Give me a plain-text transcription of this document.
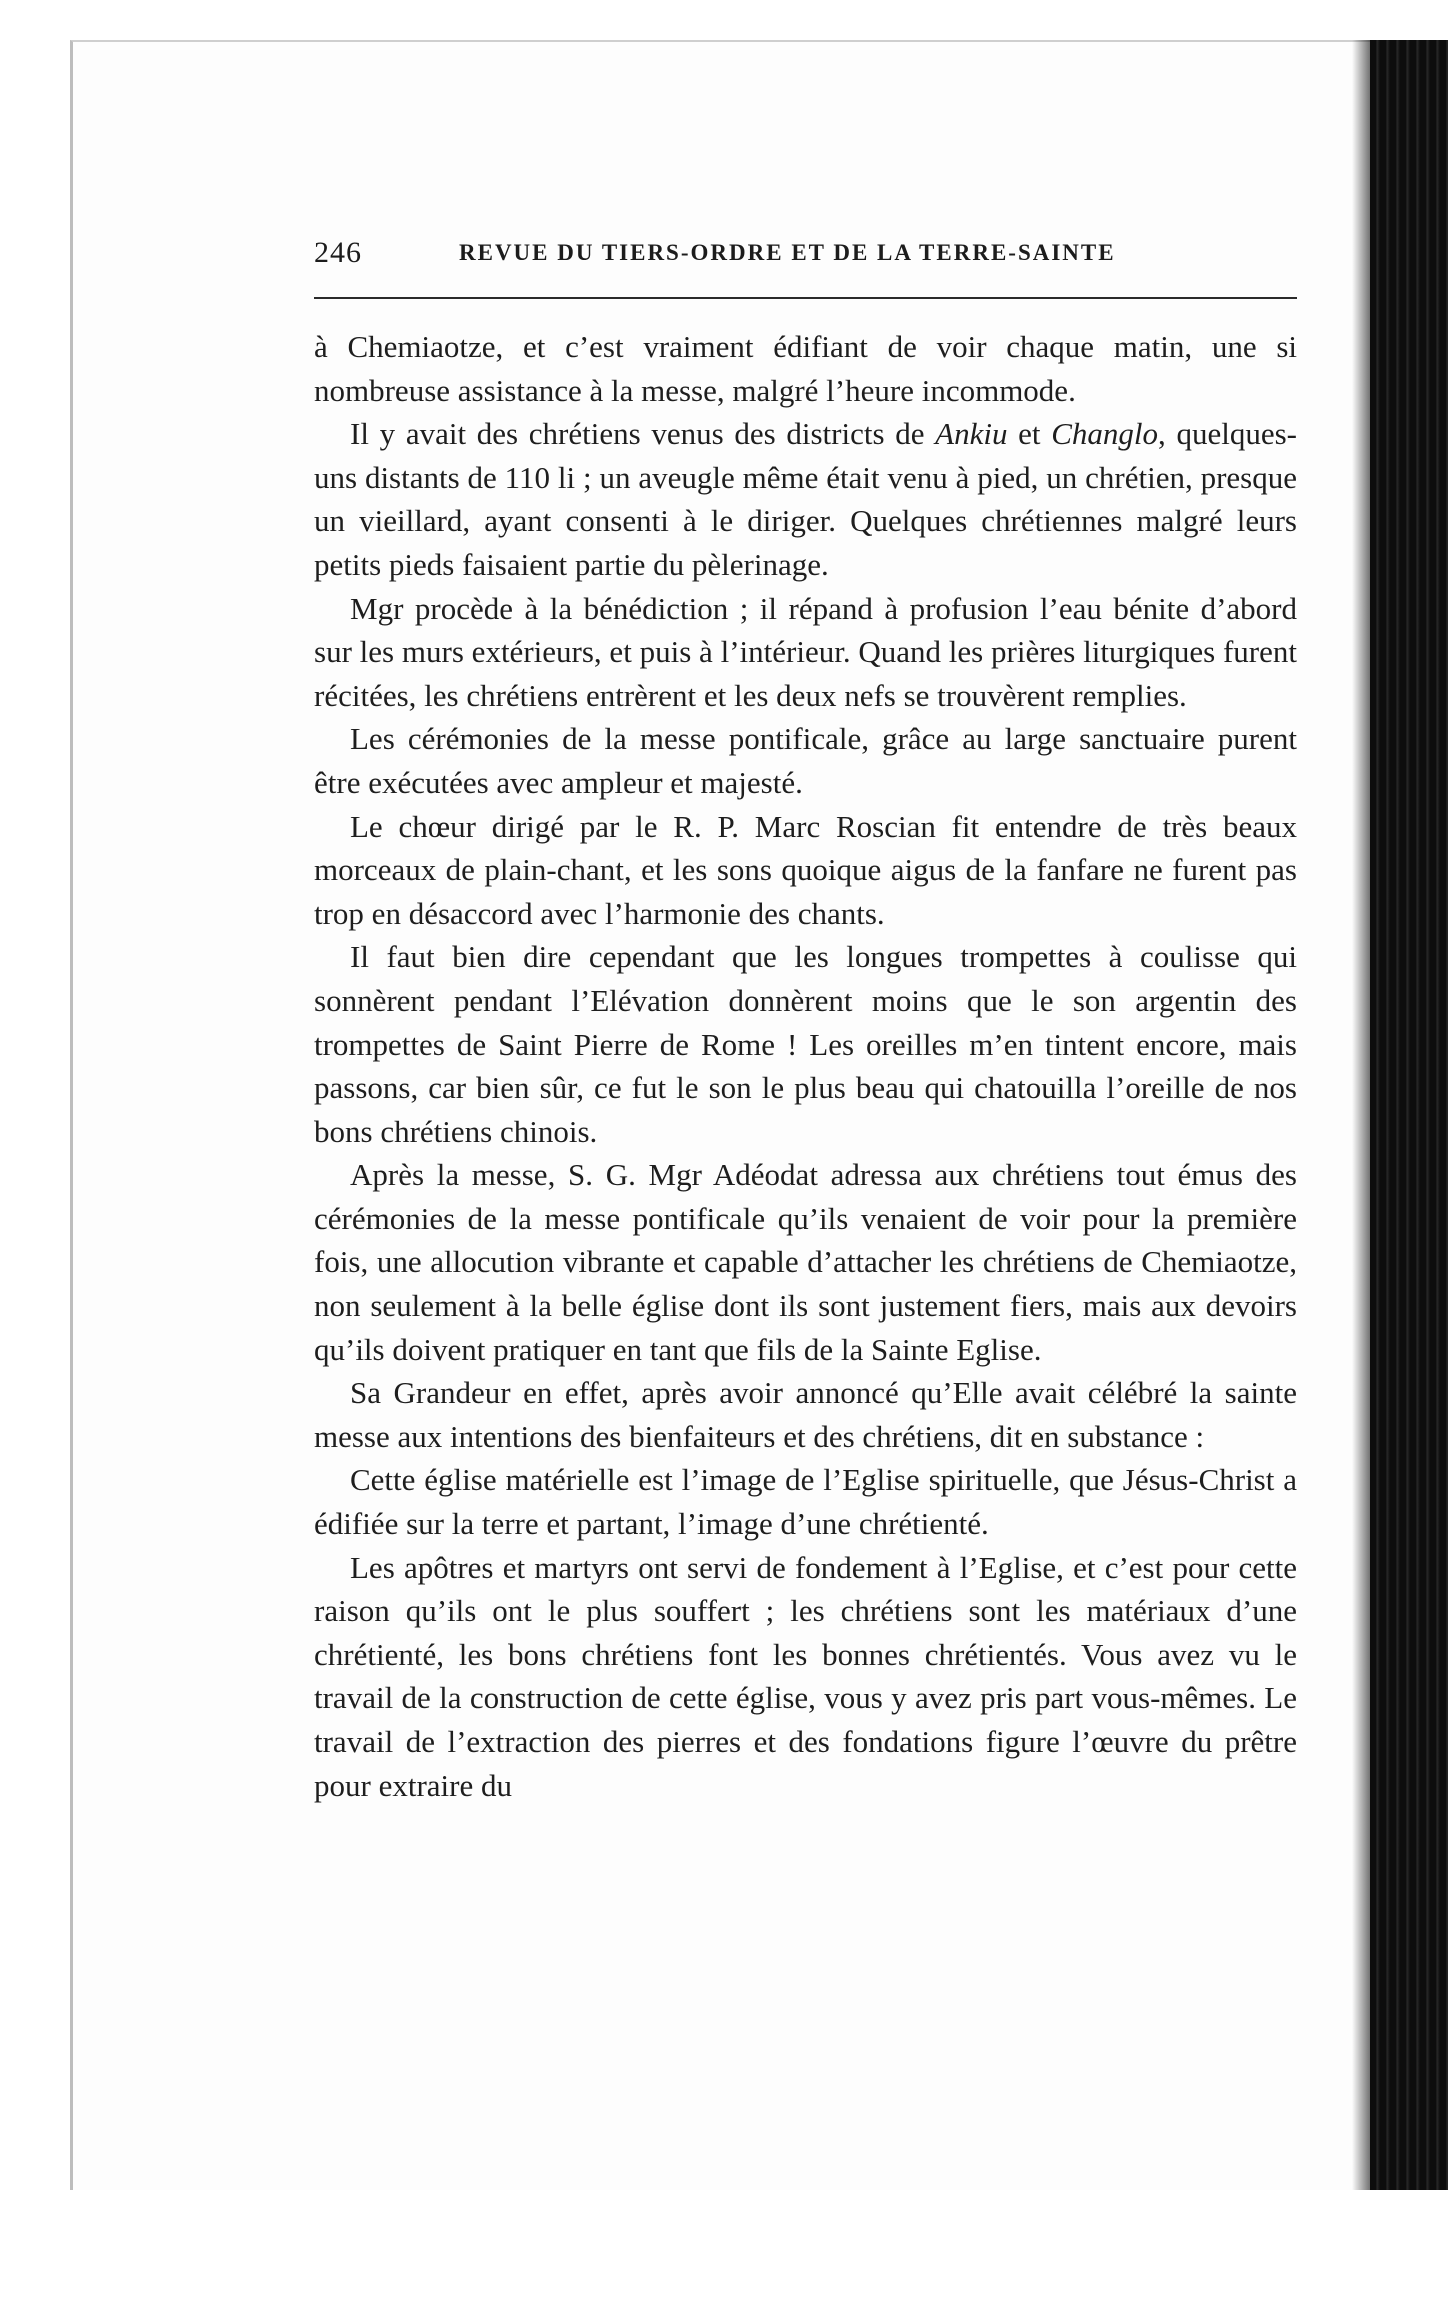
246	REVUE DU TIERS-ORDRE ET DE LA TERRE-SAINTE

à Chemiaotze, et c’est vraiment édifiant de voir chaque matin, une si nombreuse assistance à la messe, malgré l’heure incommode.

Il y avait des chrétiens venus des districts de Ankiu et Changlo, quelques-uns distants de 110 li ; un aveugle même était venu à pied, un chrétien, presque un vieillard, ayant consenti à le diriger. Quelques chrétiennes malgré leurs petits pieds faisaient partie du pèlerinage.

Mgr procède à la bénédiction ; il répand à profusion l’eau bénite d’abord sur les murs extérieurs, et puis à l’intérieur. Quand les prières liturgiques furent récitées, les chrétiens entrèrent et les deux nefs se trouvèrent remplies.

Les cérémonies de la messe pontificale, grâce au large sanctuaire purent être exécutées avec ampleur et majesté.

Le chœur dirigé par le R. P. Marc Roscian fit entendre de très beaux morceaux de plain-chant, et les sons quoique aigus de la fanfare ne furent pas trop en désaccord avec l’harmonie des chants.

Il faut bien dire cependant que les longues trompettes à coulisse qui sonnèrent pendant l’Elévation donnèrent moins que le son argentin des trompettes de Saint Pierre de Rome ! Les oreilles m’en tintent encore, mais passons, car bien sûr, ce fut le son le plus beau qui chatouilla l’oreille de nos bons chrétiens chinois.

Après la messe, S. G. Mgr Adéodat adressa aux chrétiens tout émus des cérémonies de la messe pontificale qu’ils venaient de voir pour la première fois, une allocution vibrante et capable d’attacher les chrétiens de Chemiaotze, non seulement à la belle église dont ils sont justement fiers, mais aux devoirs qu’ils doivent pratiquer en tant que fils de la Sainte Eglise.

Sa Grandeur en effet, après avoir annoncé qu’Elle avait célébré la sainte messe aux intentions des bienfaiteurs et des chrétiens, dit en substance :

Cette église matérielle est l’image de l’Eglise spirituelle, que Jésus-Christ a édifiée sur la terre et partant, l’image d’une chrétienté.

Les apôtres et martyrs ont servi de fondement à l’Eglise, et c’est pour cette raison qu’ils ont le plus souffert ; les chrétiens sont les matériaux d’une chrétienté, les bons chrétiens font les bonnes chrétientés. Vous avez vu le travail de la construction de cette église, vous y avez pris part vous-mêmes. Le travail de l’extraction des pierres et des fondations figure l’œuvre du prêtre pour extraire du
